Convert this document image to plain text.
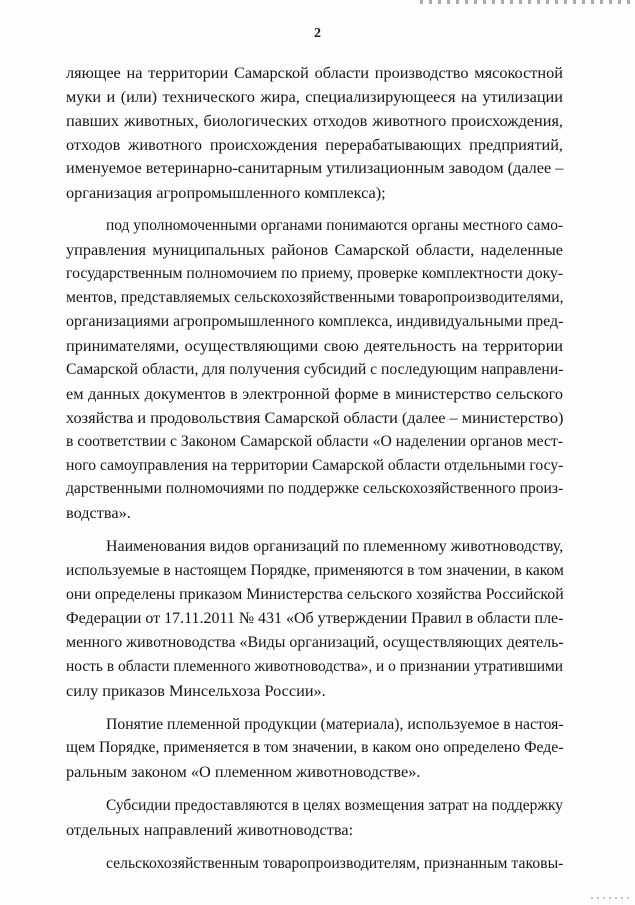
2

ляющее на территории Самарской области производство мясокостной
муки и (или) технического жира, специализирующееся на утилизации
павших животных, биологических отходов животного происхождения,
отходов животного происхождения перерабатывающих предприятий,
именуемое ветеринарно-санитарным утилизационным заводом (далее –
организация агропромышленного комплекса);

под уполномоченными органами понимаются органы местного само-
управления муниципальных районов Самарской области, наделенные
государственным полномочием по приему, проверке комплектности доку-
ментов, представляемых сельскохозяйственными товаропроизводителями,
организациями агропромышленного комплекса, индивидуальными пред-
принимателями, осуществляющими свою деятельность на территории
Самарской области, для получения субсидий с последующим направлени-
ем данных документов в электронной форме в министерство сельского
хозяйства и продовольствия Самарской области (далее – министерство)
в соответствии с Законом Самарской области «О наделении органов мест-
ного самоуправления на территории Самарской области отдельными госу-
дарственными полномочиями по поддержке сельскохозяйственного произ-
водства».

Наименования видов организаций по племенному животноводству,
используемые в настоящем Порядке, применяются в том значении, в каком
они определены приказом Министерства сельского хозяйства Российской
Федерации от 17.11.2011 № 431 «Об утверждении Правил в области пле-
менного животноводства «Виды организаций, осуществляющих деятель-
ность в области племенного животноводства», и о признании утратившими
силу приказов Минсельхоза России».

Понятие племенной продукции (материала), используемое в настоя-
щем Порядке, применяется в том значении, в каком оно определено Феде-
ральным законом «О племенном животноводстве».

Субсидии предоставляются в целях возмещения затрат на поддержку
отдельных направлений животноводства:

сельскохозяйственным товаропроизводителям, признанным таковы-
